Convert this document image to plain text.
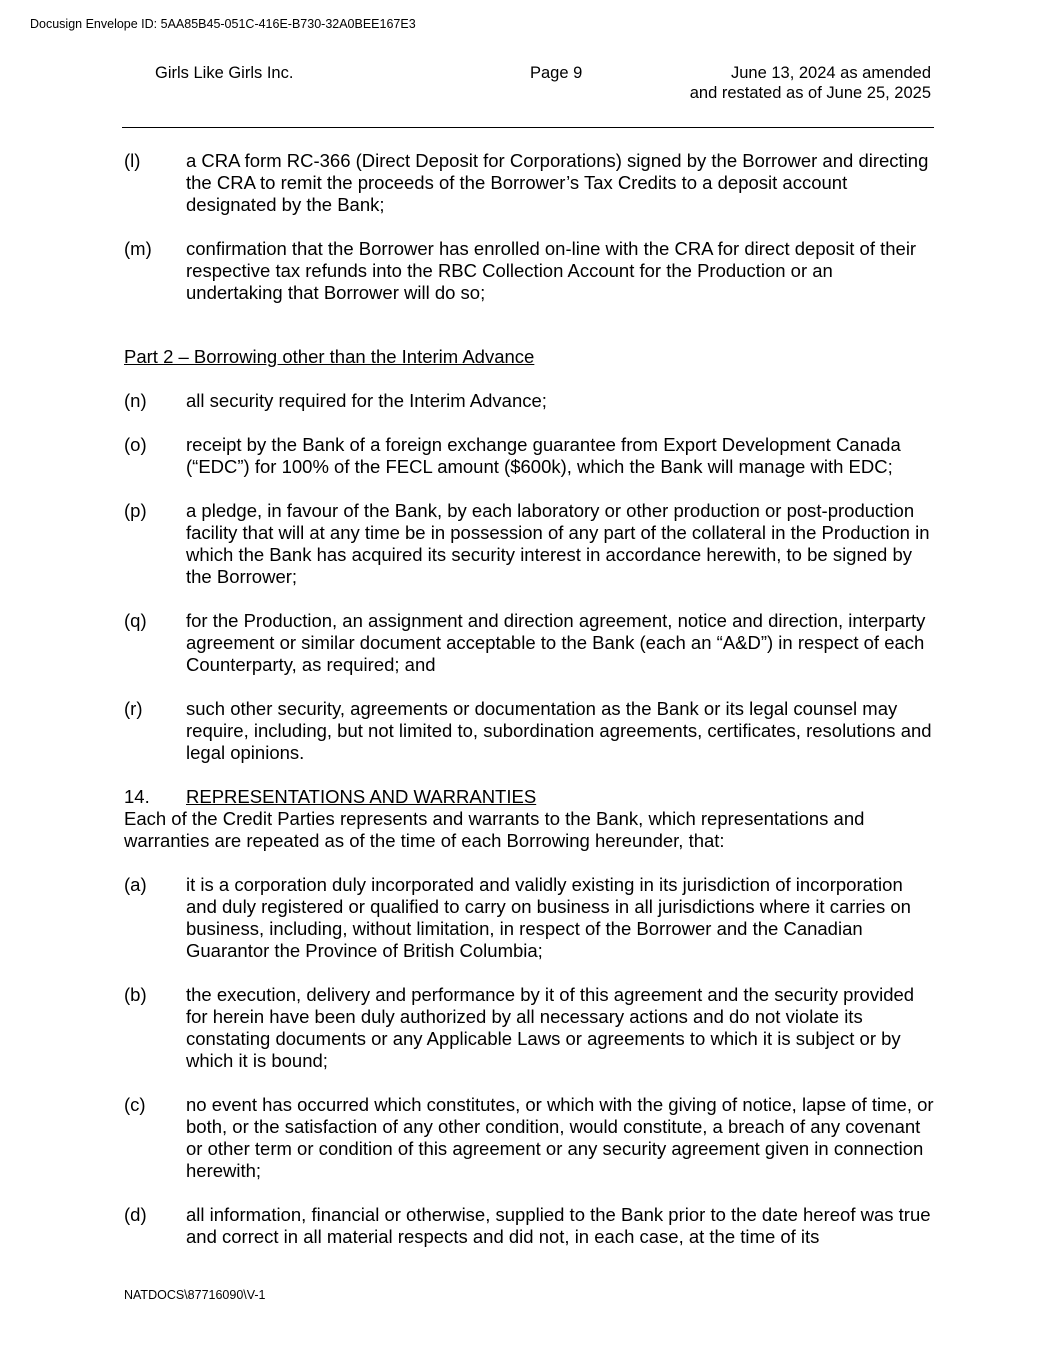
Docusign Envelope ID: 5AA85B45-051C-416E-B730-32A0BEE167E3
Girls Like Girls Inc.	Page 9	June 13, 2024 as amended
and restated as of June 25, 2025
(l)	a CRA form RC-366 (Direct Deposit for Corporations) signed by the Borrower and directing the CRA to remit the proceeds of the Borrower’s Tax Credits to a deposit account designated by the Bank;
(m)	confirmation that the Borrower has enrolled on-line with the CRA for direct deposit of their respective tax refunds into the RBC Collection Account for the Production or an undertaking that Borrower will do so;
Part 2 – Borrowing other than the Interim Advance
(n)	all security required for the Interim Advance;
(o)	receipt by the Bank of a foreign exchange guarantee from Export Development Canada (“EDC”) for 100% of the FECL amount ($600k), which the Bank will manage with EDC;
(p)	a pledge, in favour of the Bank, by each laboratory or other production or post-production facility that will at any time be in possession of any part of the collateral in the Production in which the Bank has acquired its security interest in accordance herewith, to be signed by the Borrower;
(q)	for the Production, an assignment and direction agreement, notice and direction, interparty agreement or similar document acceptable to the Bank (each an “A&D”) in respect of each Counterparty, as required; and
(r)	such other security, agreements or documentation as the Bank or its legal counsel may require, including, but not limited to, subordination agreements, certificates, resolutions and legal opinions.
14.	REPRESENTATIONS AND WARRANTIES
Each of the Credit Parties represents and warrants to the Bank, which representations and warranties are repeated as of the time of each Borrowing hereunder, that:
(a)	it is a corporation duly incorporated and validly existing in its jurisdiction of incorporation and duly registered or qualified to carry on business in all jurisdictions where it carries on business, including, without limitation, in respect of the Borrower and the Canadian Guarantor the Province of British Columbia;
(b)	the execution, delivery and performance by it of this agreement and the security provided for herein have been duly authorized by all necessary actions and do not violate its constating documents or any Applicable Laws or agreements to which it is subject or by which it is bound;
(c)	no event has occurred which constitutes, or which with the giving of notice, lapse of time, or both, or the satisfaction of any other condition, would constitute, a breach of any covenant or other term or condition of this agreement or any security agreement given in connection herewith;
(d)	all information, financial or otherwise, supplied to the Bank prior to the date hereof was true and correct in all material respects and did not, in each case, at the time of its
NATDOCS\87716090\V-1
